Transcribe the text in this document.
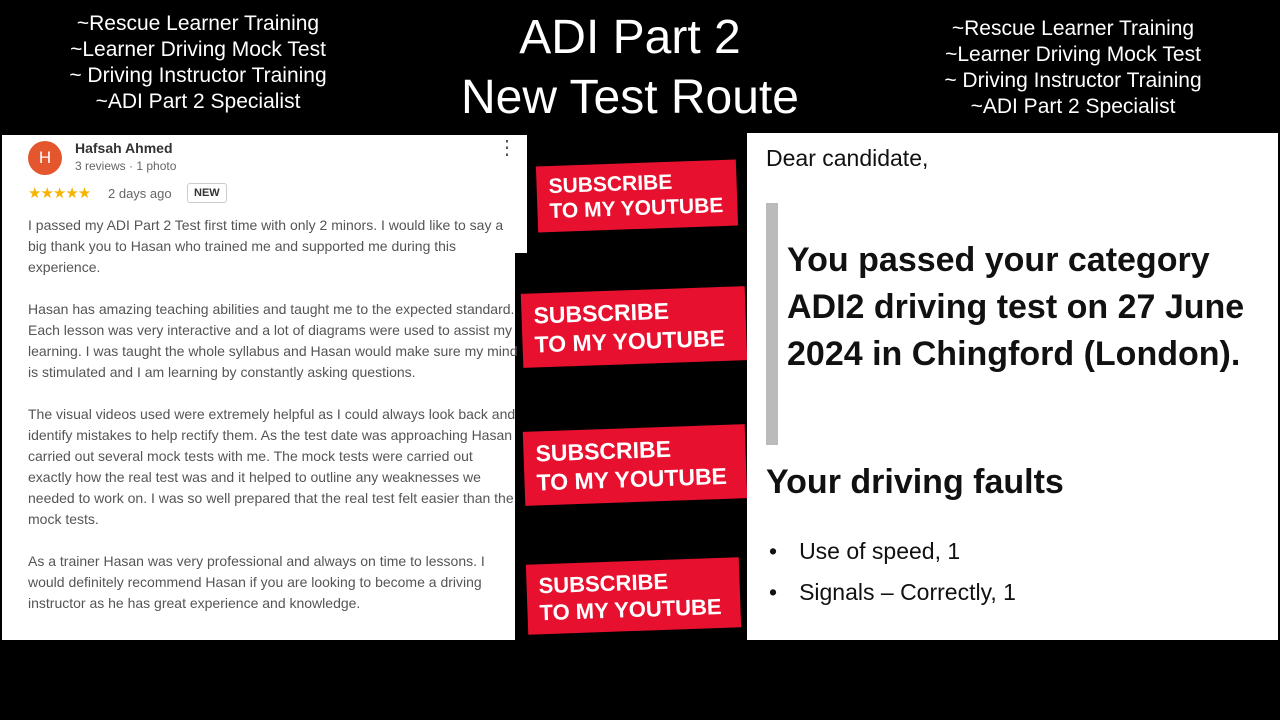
~Rescue Learner Training
~Learner Driving Mock Test
~ Driving Instructor Training
~ADI Part 2 Specialist
ADI Part 2
New Test Route
~Rescue Learner Training
~Learner Driving Mock Test
~ Driving Instructor Training
~ADI Part 2 Specialist
H	Hafsah Ahmed
3 reviews · 1 photo
⋮
★★★★★ 2 days ago	NEW

I passed my ADI Part 2 Test first time with only 2 minors. I would like to say a big thank you to Hasan who trained me and supported me during this experience.

Hasan has amazing teaching abilities and taught me to the expected standard. Each lesson was very interactive and a lot of diagrams were used to assist my learning. I was taught the whole syllabus and Hasan would make sure my mind is stimulated and I am learning by constantly asking questions.

The visual videos used were extremely helpful as I could always look back and identify mistakes to help rectify them. As the test date was approaching Hasan carried out several mock tests with me. The mock tests were carried out exactly how the real test was and it helped to outline any weaknesses we needed to work on. I was so well prepared that the real test felt easier than the mock tests.

As a trainer Hasan was very professional and always on time to lessons. I would definitely recommend Hasan if you are looking to become a driving instructor as he has great experience and knowledge.

SUBSCRIBE
TO MY YOUTUBE
SUBSCRIBE
TO MY YOUTUBE
SUBSCRIBE
TO MY YOUTUBE
SUBSCRIBE
TO MY YOUTUBE
Dear candidate,
You passed your category ADI2 driving test on 27 June 2024 in Chingford (London).
Your driving faults
• Use of speed, 1
• Signals – Correctly, 1
